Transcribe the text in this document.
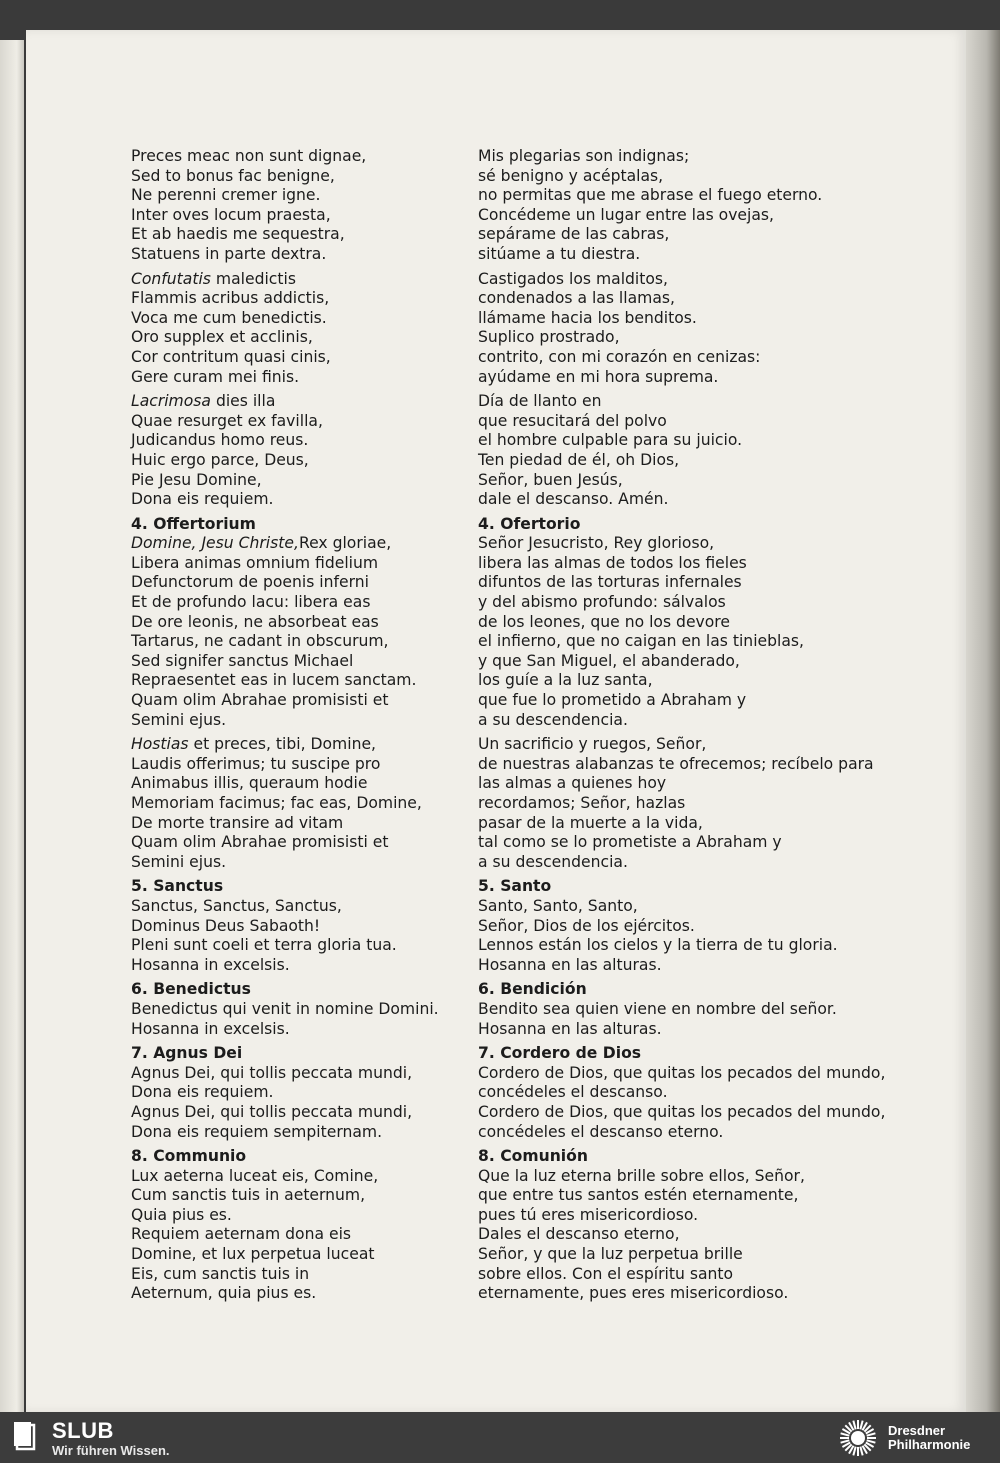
Preces meac non sunt dignae,
Sed to bonus fac benigne,
Ne perenni cremer igne.
Inter oves locum praesta,
Et ab haedis me sequestra,
Statuens in parte dextra.
Confutatis maledictis
Flammis acribus addictis,
Voca me cum benedictis.
Oro supplex et acclinis,
Cor contritum quasi cinis,
Gere curam mei finis.
Lacrimosa dies illa
Quae resurget ex favilla,
Judicandus homo reus.
Huic ergo parce, Deus,
Pie Jesu Domine,
Dona eis requiem.
4. Offertorium
Domine, Jesu Christe,Rex gloriae,
Libera animas omnium fidelium
Defunctorum de poenis inferni
Et de profundo lacu: libera eas
De ore leonis, ne absorbeat eas
Tartarus, ne cadant in obscurum,
Sed signifer sanctus Michael
Repraesentet eas in lucem sanctam.
Quam olim Abrahae promisisti et
Semini ejus.
Hostias et preces, tibi, Domine,
Laudis offerimus; tu suscipe pro
Animabus illis, queraum hodie
Memoriam facimus; fac eas, Domine,
De morte transire ad vitam
Quam olim Abrahae promisisti et
Semini ejus.
5. Sanctus
Sanctus, Sanctus, Sanctus,
Dominus Deus Sabaoth!
Pleni sunt coeli et terra gloria tua.
Hosanna in excelsis.
6. Benedictus
Benedictus qui venit in nomine Domini.
Hosanna in excelsis.
7. Agnus Dei
Agnus Dei, qui tollis peccata mundi,
Dona eis requiem.
Agnus Dei, qui tollis peccata mundi,
Dona eis requiem sempiternam.
8. Communio
Lux aeterna luceat eis, Comine,
Cum sanctis tuis in aeternum,
Quia pius es.
Requiem aeternam dona eis
Domine, et lux perpetua luceat
Eis, cum sanctis tuis in
Aeternum, quia pius es.
Mis plegarias son indignas;
sé benigno y acéptalas,
no permitas que me abrase el fuego eterno.
Concédeme un lugar entre las ovejas,
sepárame de las cabras,
sitúame a tu diestra.
Castigados los malditos,
condenados a las llamas,
llámame hacia los benditos.
Suplico prostrado,
contrito, con mi corazón en cenizas:
ayúdame en mi hora suprema.
Día de llanto en
que resucitará del polvo
el hombre culpable para su juicio.
Ten piedad de él, oh Dios,
Señor, buen Jesús,
dale el descanso. Amén.
4. Ofertorio
Señor Jesucristo, Rey glorioso,
libera las almas de todos los fieles
difuntos de las torturas infernales
y del abismo profundo: sálvalos
de los leones, que no los devore
el infierno, que no caigan en las tinieblas,
y que San Miguel, el abanderado,
los guíe a la luz santa,
que fue lo prometido a Abraham y
a su descendencia.
Un sacrificio y ruegos, Señor,
de nuestras alabanzas te ofrecemos; recíbelo para
las almas a quienes hoy
recordamos; Señor, hazlas
pasar de la muerte a la vida,
tal como se lo prometiste a Abraham y
a su descendencia.
5. Santo
Santo, Santo, Santo,
Señor, Dios de los ejércitos.
Lennos están los cielos y la tierra de tu gloria.
Hosanna en las alturas.
6. Bendición
Bendito sea quien viene en nombre del señor.
Hosanna en las alturas.
7. Cordero de Dios
Cordero de Dios, que quitas los pecados del mundo,
concédeles el descanso.
Cordero de Dios, que quitas los pecados del mundo,
concédeles el descanso eterno.
8. Comunión
Que la luz eterna brille sobre ellos, Señor,
que entre tus santos estén eternamente,
pues tú eres misericordioso.
Dales el descanso eterno,
Señor, y que la luz perpetua brille
sobre ellos. Con el espíritu santo
eternamente, pues eres misericordioso.
SLUB
Wir führen Wissen.
Dresdner
Philharmonie
